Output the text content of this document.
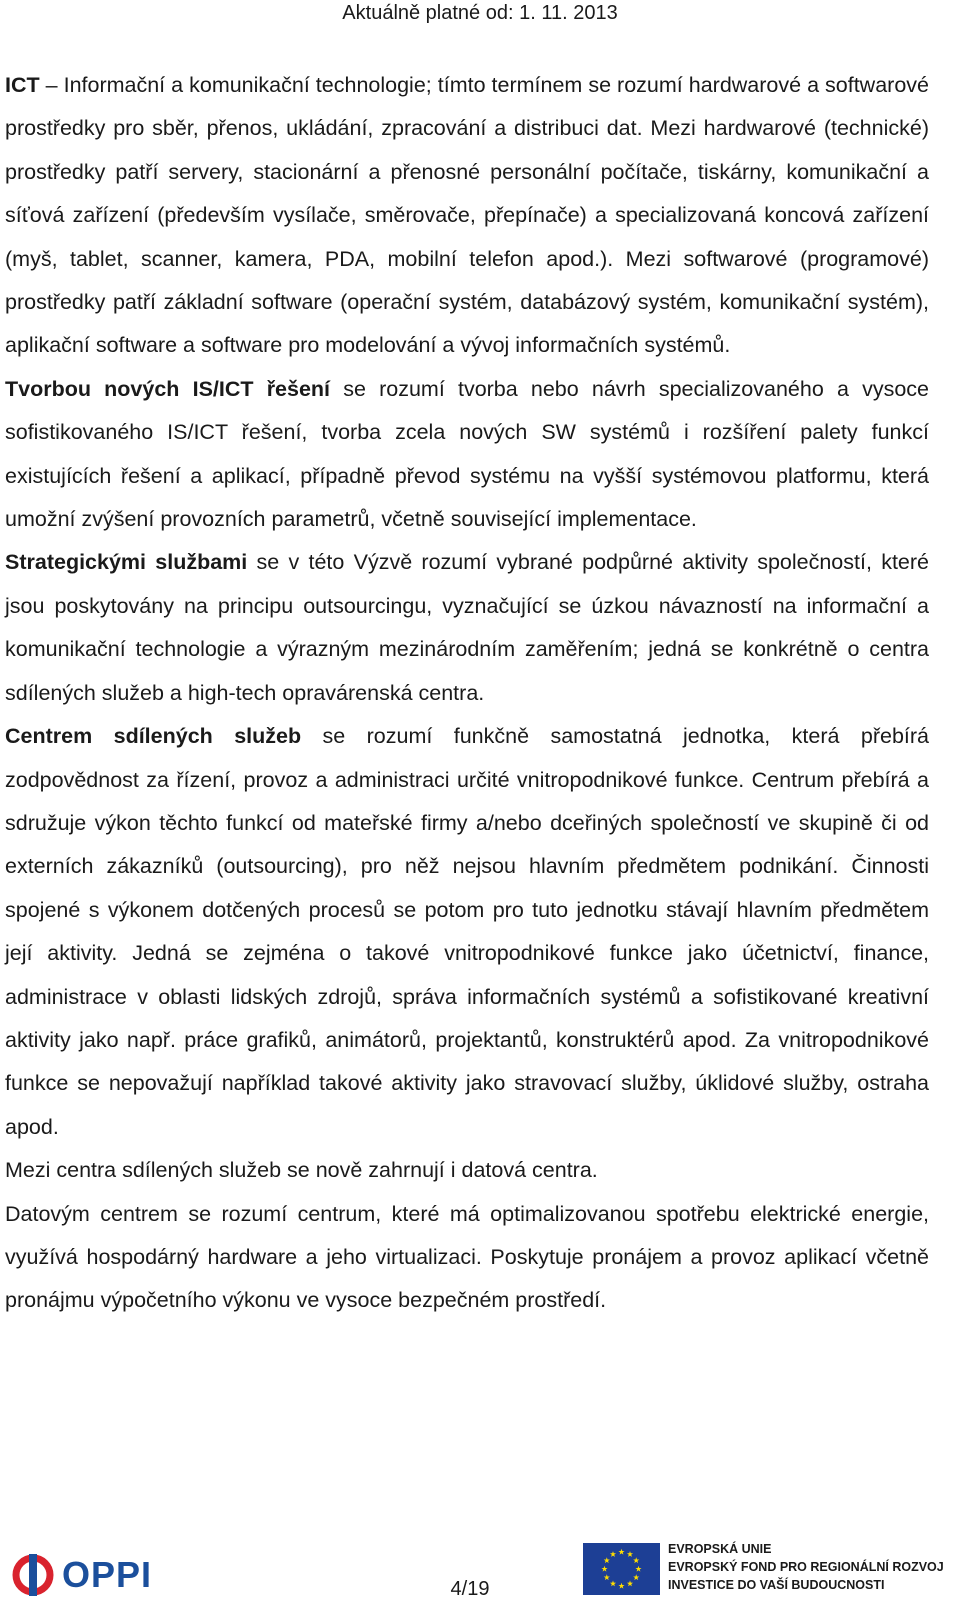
Aktuálně platné od: 1. 11. 2013

ICT – Informační a komunikační technologie; tímto termínem se rozumí hardwarové a softwarové prostředky pro sběr, přenos, ukládání, zpracování a distribuci dat. Mezi hardwarové (technické) prostředky patří servery, stacionární a přenosné personální počítače, tiskárny, komunikační a síťová zařízení (především vysílače, směrovače, přepínače) a specializovaná koncová zařízení (myš, tablet, scanner, kamera, PDA, mobilní telefon apod.). Mezi softwarové (programové) prostředky patří základní software (operační systém, databázový systém, komunikační systém), aplikační software a software pro modelování a vývoj informačních systémů.

Tvorbou nových IS/ICT řešení se rozumí tvorba nebo návrh specializovaného a vysoce sofistikovaného IS/ICT řešení, tvorba zcela nových SW systémů i rozšíření palety funkcí existujících řešení a aplikací, případně převod systému na vyšší systémovou platformu, která umožní zvýšení provozních parametrů, včetně související implementace.

Strategickými službami se v této Výzvě rozumí vybrané podpůrné aktivity společností, které jsou poskytovány na principu outsourcingu, vyznačující se úzkou návazností na informační a komunikační technologie a výrazným mezinárodním zaměřením; jedná se konkrétně o centra sdílených služeb a high-tech opravárenská centra.

Centrem sdílených služeb se rozumí funkčně samostatná jednotka, která přebírá zodpovědnost za řízení, provoz a administraci určité vnitropodnikové funkce. Centrum přebírá a sdružuje výkon těchto funkcí od mateřské firmy a/nebo dceřiných společností ve skupině či od externích zákazníků (outsourcing), pro něž nejsou hlavním předmětem podnikání. Činnosti spojené s výkonem dotčených procesů se potom pro tuto jednotku stávají hlavním předmětem její aktivity. Jedná se zejména o takové vnitropodnikové funkce jako účetnictví, finance, administrace v oblasti lidských zdrojů, správa informačních systémů a sofistikované kreativní aktivity jako např. práce grafiků, animátorů, projektantů, konstruktérů apod. Za vnitropodnikové funkce se nepovažují například takové aktivity jako stravovací služby, úklidové služby, ostraha apod.

Mezi centra sdílených služeb se nově zahrnují i datová centra.

Datovým centrem se rozumí centrum, které má optimalizovanou spotřebu elektrické energie, využívá hospodárný hardware a jeho virtualizaci. Poskytuje pronájem a provoz aplikací včetně pronájmu výpočetního výkonu ve vysoce bezpečném prostředí.

OPPI	4/19
EVROPSKÁ UNIE
EVROPSKÝ FOND PRO REGIONÁLNÍ ROZVOJ
INVESTICE DO VAŠÍ BUDOUCNOSTI
